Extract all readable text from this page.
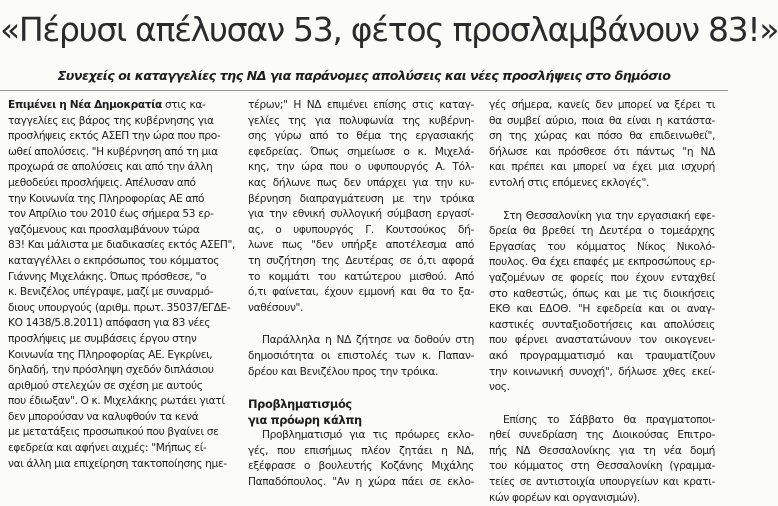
«Πέρυσι απέλυσαν 53, φέτος προσλαμβάνουν 83!»
Συνεχείς οι καταγγελίες της ΝΔ για παράνομες απολύσεις και νέες προσλήψεις στο δημόσιο
Επιμένει η Νέα Δημοκρατία στις κα-
ταγγελίες εις βάρος της κυβέρνησης για
προσλήψεις εκτός ΑΣΕΠ την ώρα που προ-
ωθεί απολύσεις. "Η κυβέρνηση από τη μια
προχωρά σε απολύσεις και από την άλλη
μεθοδεύει προσλήψεις. Απέλυσαν από
την Κοινωνία της Πληροφορίας ΑΕ από
τον Απρίλιο του 2010 έως σήμερα 53 ερ-
γαζόμενους και προσλαμβάνουν τώρα
83! Και μάλιστα με διαδικασίες εκτός ΑΣΕΠ",
καταγγέλλει ο εκπρόσωπος του κόμματος
Γιάννης Μιχελάκης. Όπως πρόσθεσε, "ο
κ. Βενιζέλος υπέγραψε, μαζί με συναρμό-
διους υπουργούς (αριθμ. πρωτ. 35037/ΕΓΔΕ-
ΚΟ 1438/5.8.2011) απόφαση για 83 νέες
προσλήψεις με συμβάσεις έργου στην
Κοινωνία της Πληροφορίας ΑΕ. Εγκρίνει,
δηλαδή, την πρόσληψη σχεδόν διπλάσιου
αριθμού στελεχών σε σχέση με αυτούς
που έδιωξαν". Ο κ. Μιχελάκης ρωτάει γιατί
δεν μπορούσαν να καλυφθούν τα κενά
με μετατάξεις προσωπικού που βγαίνει σε
εφεδρεία και αφήνει αιχμές: "Μήπως εί-
ναι άλλη μια επιχείρηση τακτοποίησης ημε-
τέρων;" Η ΝΔ επιμένει επίσης στις καταγ-
γελίες της για πολυφωνία της κυβέρνη-
σης γύρω από το θέμα της εργασιακής
εφεδρείας. Όπως σημείωσε ο κ. Μιχελά-
κης, την ώρα που ο υφυπουργός Α. Τόλ-
κας δήλωνε πως δεν υπάρχει για την κυ-
βέρνηση διαπραγμάτευση με την τρόικα
για την εθνική συλλογική σύμβαση εργασί-
ας, ο υφυπουργός Γ. Κουτσούκος δή-
λωνε πως "δεν υπήρξε αποτέλεσμα από
τη συζήτηση της Δευτέρας σε ό,τι αφορά
το κομμάτι του κατώτερου μισθού. Από
ό,τι φαίνεται, έχουν εμμονή και θα το ξα-
ναθέσουν".
Παράλληλα η ΝΔ ζήτησε να δοθούν στη
δημοσιότητα οι επιστολές των κ. Παπαν-
δρέου και Βενιζέλου προς την τρόικα.
Προβληματισμός
για πρόωρη κάλπη
Προβληματισμό για τις πρόωρες εκλο-
γές, που επισήμως πλέον ζητάει η ΝΔ,
εξέφρασε ο βουλευτής Κοζάνης Μιχάλης
Παπαδόπουλος. "Αν η χώρα πάει σε εκλο-
γές σήμερα, κανείς δεν μπορεί να ξέρει τι
θα συμβεί αύριο, ποια θα είναι η κατάστα-
ση της χώρας και πόσο θα επιδεινωθεί",
δήλωσε και πρόσθεσε ότι πάντως "η ΝΔ
και πρέπει και μπορεί να έχει μια ισχυρή
εντολή στις επόμενες εκλογές".
Στη Θεσσαλονίκη για την εργασιακή εφε-
δρεία θα βρεθεί τη Δευτέρα ο τομεάρχης
Εργασίας του κόμματος Νίκος Νικολό-
πουλος. Θα έχει επαφές με εκπροσώπους ερ-
γαζομένων σε φορείς που έχουν ενταχθεί
στο καθεστώς, όπως και με τις διοικήσεις
ΕΚΘ και ΕΔΟΘ. "Η εφεδρεία και οι αναγ-
καστικές συνταξιοδοτήσεις και απολύσεις
που φέρνει αναστατώνουν τον οικογενει-
ακό προγραμματισμό και τραυματίζουν
την κοινωνική συνοχή", δήλωσε χθες εκεί-
νος.
Επίσης το Σάββατο θα πραγματοποι-
ηθεί συνεδρίαση της Διοικούσας Επιτρο-
πής ΝΔ Θεσσαλονίκης για τη νέα δομή
του κόμματος στη Θεσσαλονίκη (γραμμα-
τείες σε αντιστοιχία υπουργείων και κρατι-
κών φορέων και οργανισμών).
